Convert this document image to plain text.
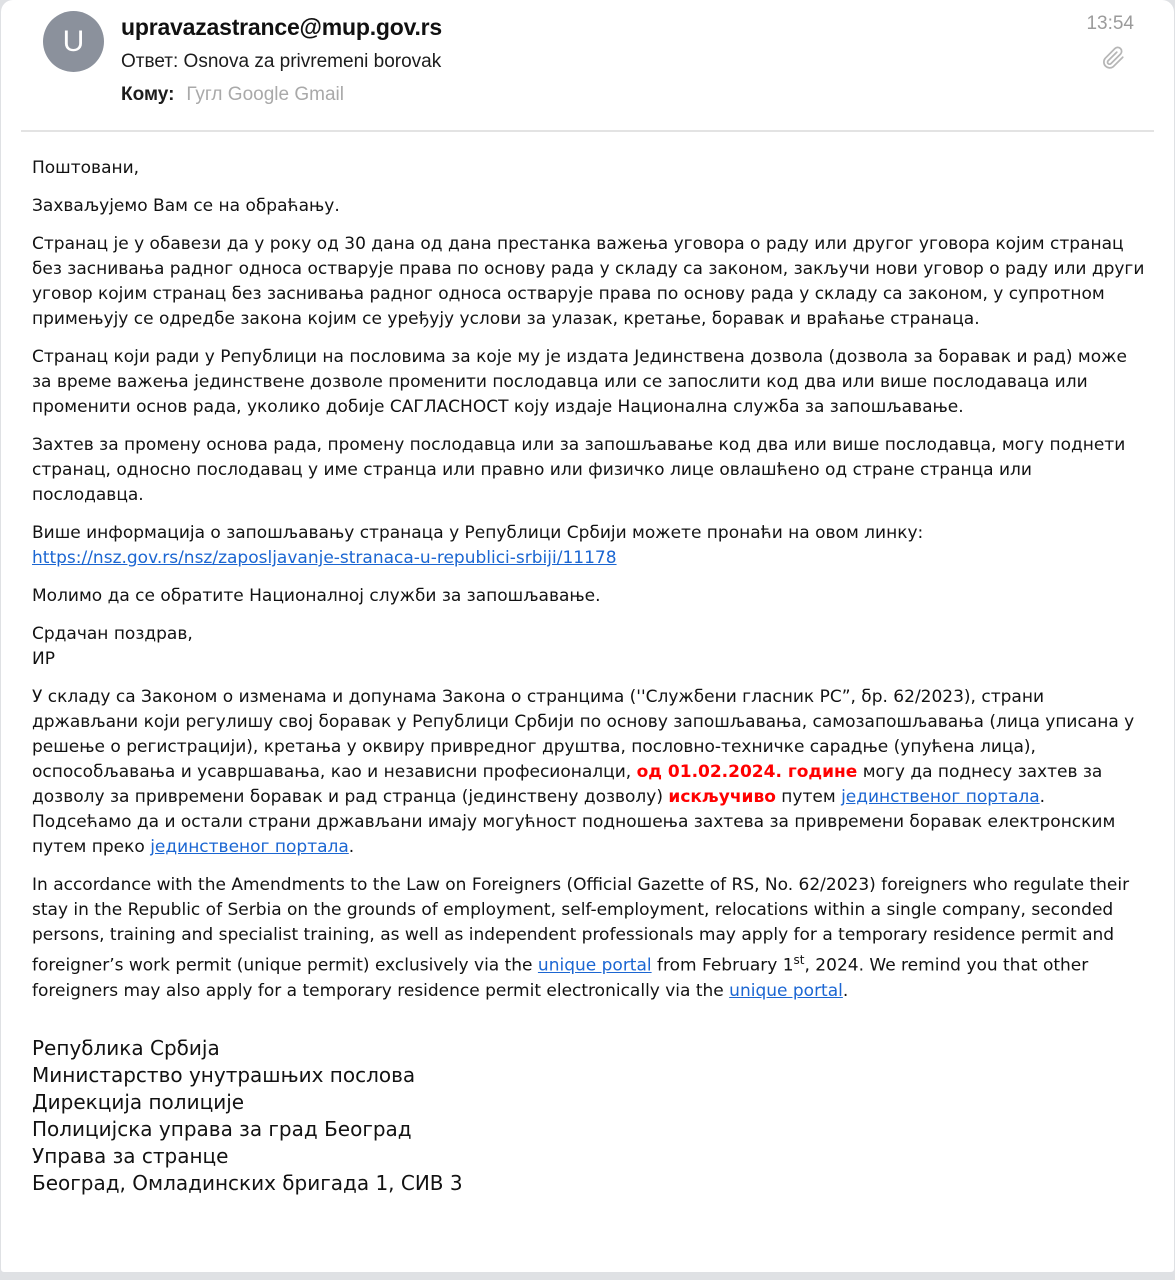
U upravazastrance@mup.gov.rs
Ответ: Osnova za privremeni borovak
Кому: Гугл Google Gmail
13:54

Поштовани,

Захваљујемо Вам се на обраћању.

Странац је у обавези да у року од 30 дана од дана престанка важења уговора о раду или другог уговора којим странац без заснивања радног односа остварује права по основу рада у складу са законом, закључи нови уговор о раду или други уговор којим странац без заснивања радног односа остварује права по основу рада у складу са законом, у супротном примењују се одредбе закона којим се уређују услови за улазак, кретање, боравак и враћање странаца.

Странац који ради у Републици на пословима за које му је издата Јединствена дозвола (дозвола за боравак и рад) може за време важења јединствене дозволе променити послодавца или се запослити код два или више послодаваца или променити основ рада, уколико добије САГЛАСНОСТ коју издаје Национална служба за запошљавање.

Захтев за промену основа рада, промену послодавца или за запошљавање код два или више послодавца, могу поднети странац, односно послодавац у име странца или правно или физичко лице овлашћено од стране странца или послодавца.

Више информација о запошљавању странаца у Републици Србији можете пронаћи на овом линку: https://nsz.gov.rs/nsz/zaposljavanje-stranaca-u-republici-srbiji/11178

Молимо да се обратите Националној служби за запошљавање.

Срдачан поздрав,

ИР

У складу са Законом о изменама и допунама Закона о странцима (''Службени гласник РС”, бр. 62/2023), страни држављани који регулишу свој боравак у Републици Србији по основу запошљавања, самозапошљавања (лица уписана у решење о регистрацији), кретања у оквиру привредног друштва, пословно-техничке сарадње (упућена лица), оспособљавања и усавршавања, као и независни професионалци, од 01.02.2024. године могу да поднесу захтев за дозволу за привремени боравак и рад странца (јединствену дозволу) искључиво путем јединственог портала.

Подсећамо да и остали страни држављани имају могућност подношења захтева за привремени боравак електронским путем преко јединственог портала.

In accordance with the Amendments to the Law on Foreigners (Official Gazette of RS, No. 62/2023) foreigners who regulate their stay in the Republic of Serbia on the grounds of employment, self-employment, relocations within a single company, seconded persons, training and specialist training, as well as independent professionals may apply for a temporary residence permit and foreigner’s work permit (unique permit) exclusively via the unique portal from February 1st, 2024. We remind you that other foreigners may also apply for a temporary residence permit electronically via the unique portal.

Република Србија
Министарство унутрашњих послова
Дирекција полиције
Полицијска управа за град Београд
Управа за странце
Београд, Омладинских бригада 1, СИВ 3
